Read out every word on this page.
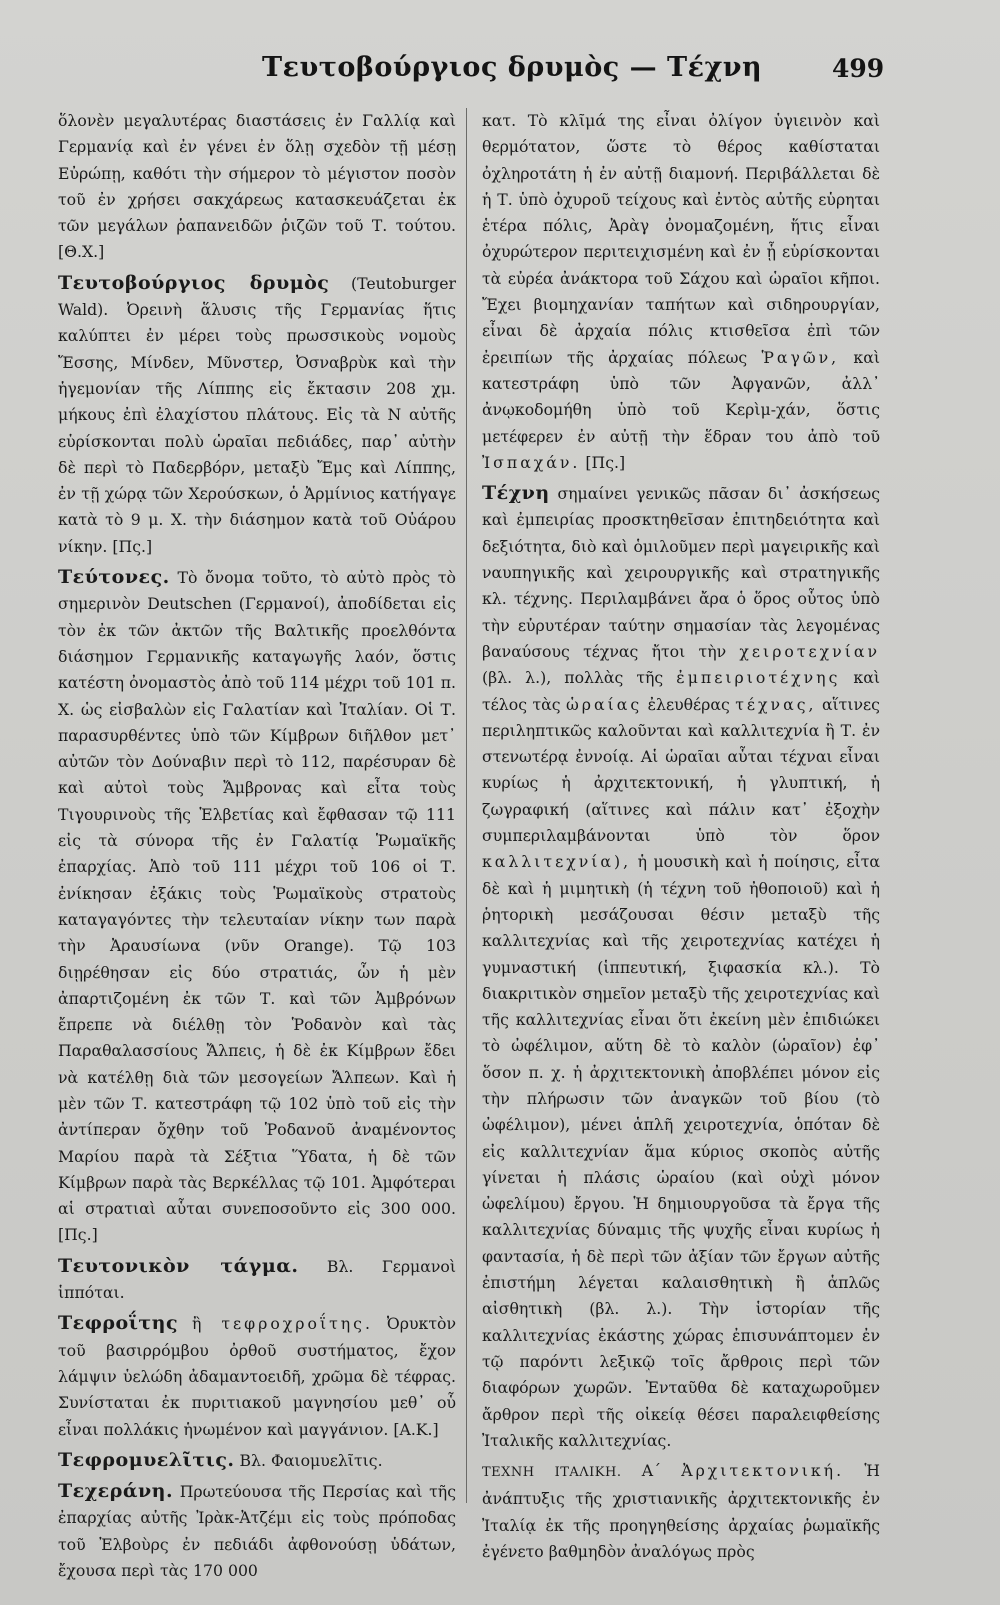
Τευτοβούργιος δρυμὸς — Τέχνη	499

ὅλονὲν μεγαλυτέρας διαστάσεις ἐν Γαλλίᾳ καὶ Γερμανίᾳ καὶ ἐν γένει ἐν ὅλῃ σχεδὸν τῇ μέσῃ Εὐρώπῃ, καθότι τὴν σήμερον τὸ μέγιστον ποσὸν τοῦ ἐν χρήσει σακχάρεως κατασκευάζεται ἐκ τῶν μεγάλων ῥαπανειδῶν ῥιζῶν τοῦ Τ. τούτου. [Θ.Χ.]

Τευτοβούργιος δρυμὸς (Teutoburger Wald). Ὀρεινὴ ἅλυσις τῆς Γερμανίας ἥτις καλύπτει ἐν μέρει τοὺς πρωσσικοὺς νομοὺς Ἔσσης, Μίνδεν, Μῦνστερ, Ὀσναβρὺκ καὶ τὴν ἡγεμονίαν τῆς Λίππης εἰς ἔκτασιν 208 χμ. μήκους ἐπὶ ἐλαχίστου πλάτους. Εἰς τὰ Ν αὐτῆς εὑρίσκονται πολὺ ὡραῖαι πεδιάδες, παρ᾽ αὐτὴν δὲ περὶ τὸ Παδερβόρν, μεταξὺ Ἔμς καὶ Λίππης, ἐν τῇ χώρᾳ τῶν Χερούσκων, ὁ Ἀρμίνιος κατήγαγε κατὰ τὸ 9 μ. Χ. τὴν διάσημον κατὰ τοῦ Οὐάρου νίκην. [Πς.]

Τεύτονες. Τὸ ὄνομα τοῦτο, τὸ αὐτὸ πρὸς τὸ σημερινὸν Deutschen (Γερμανοί), ἀποδίδεται εἰς τὸν ἐκ τῶν ἀκτῶν τῆς Βαλτικῆς προελθόντα διάσημον Γερμανικῆς καταγωγῆς λαόν, ὅστις κατέστη ὀνομαστὸς ἀπὸ τοῦ 114 μέχρι τοῦ 101 π. Χ. ὡς εἰσβαλὼν εἰς Γαλατίαν καὶ Ἰταλίαν. Οἱ Τ. παρασυρθέντες ὑπὸ τῶν Κίμβρων διῆλθον μετ᾽ αὐτῶν τὸν Δούναβιν περὶ τὸ 112, παρέσυραν δὲ καὶ αὐτοὶ τοὺς Ἄμβρονας καὶ εἶτα τοὺς Τιγουρινοὺς τῆς Ἑλβετίας καὶ ἔφθασαν τῷ 111 εἰς τὰ σύνορα τῆς ἐν Γαλατίᾳ Ῥωμαϊκῆς ἐπαρχίας. Ἀπὸ τοῦ 111 μέχρι τοῦ 106 οἱ Τ. ἐνίκησαν ἐξάκις τοὺς Ῥωμαϊκοὺς στρατοὺς καταγαγόντες τὴν τελευταίαν νίκην των παρὰ τὴν Ἀραυσίωνα (νῦν Orange). Τῷ 103 διῃρέθησαν εἰς δύο στρατιάς, ὧν ἡ μὲν ἀπαρτιζομένη ἐκ τῶν Τ. καὶ τῶν Ἀμβρόνων ἔπρεπε νὰ διέλθῃ τὸν Ῥοδανὸν καὶ τὰς Παραθαλασσίους Ἄλπεις, ἡ δὲ ἐκ Κίμβρων ἔδει νὰ κατέλθῃ διὰ τῶν μεσογείων Ἄλπεων. Καὶ ἡ μὲν τῶν Τ. κατεστράφη τῷ 102 ὑπὸ τοῦ εἰς τὴν ἀντίπεραν ὄχθην τοῦ Ῥοδανοῦ ἀναμένοντος Μαρίου παρὰ τὰ Σέξτια Ὕδατα, ἡ δὲ τῶν Κίμβρων παρὰ τὰς Βερκέλλας τῷ 101. Ἀμφότεραι αἱ στρατιαὶ αὗται συνεποσοῦντο εἰς 300 000. [Πς.]

Τευτονικὸν τάγμα. Βλ. Γερμανοὶ ἱππόται.

Τεφροΐτης ἢ τεφροχροΐτης. Ὀρυκτὸν τοῦ βασιρρόμβου ὀρθοῦ συστήματος, ἔχον λάμψιν ὑελώδη ἀδαμαντοειδῆ, χρῶμα δὲ τέφρας. Συνίσταται ἐκ πυριτιακοῦ μαγνησίου μεθ᾽ οὗ εἶναι πολλάκις ἡνωμένον καὶ μαγγάνιον. [Α.Κ.]

Τεφρομυελῖτις. Βλ. Φαιομυελῖτις.

Τεχεράνη. Πρωτεύουσα τῆς Περσίας καὶ τῆς ἐπαρχίας αὐτῆς Ἰρὰκ-Ἀτζέμι εἰς τοὺς πρόποδας τοῦ Ἐλβοὺρς ἐν πεδιάδι ἀφθονούσῃ ὑδάτων, ἔχουσα περὶ τὰς 170 000

κατ. Τὸ κλῖμά της εἶναι ὀλίγον ὑγιεινὸν καὶ θερμότατον, ὥστε τὸ θέρος καθίσταται ὀχληροτάτη ἡ ἐν αὐτῇ διαμονή. Περιβάλλεται δὲ ἡ Τ. ὑπὸ ὀχυροῦ τείχους καὶ ἐντὸς αὐτῆς εὑρηται ἑτέρα πόλις, Ἀρὰγ ὀνομαζομένη, ἥτις εἶναι ὀχυρώτερον περιτειχισμένη καὶ ἐν ᾗ εὑρίσκονται τὰ εὐρέα ἀνάκτορα τοῦ Σάχου καὶ ὡραῖοι κῆποι. Ἔχει βιομηχανίαν ταπήτων καὶ σιδηρουργίαν, εἶναι δὲ ἀρχαία πόλις κτισθεῖσα ἐπὶ τῶν ἐρειπίων τῆς ἀρχαίας πόλεως Ῥαγῶν, καὶ κατεστράφη ὑπὸ τῶν Ἀφγανῶν, ἀλλ᾽ ἀνῳκοδομήθη ὑπὸ τοῦ Κερὶμ-χάν, ὅστις μετέφερεν ἐν αὐτῇ τὴν ἕδραν του ἀπὸ τοῦ Ἰσπαχάν. [Πς.]

Τέχνη σημαίνει γενικῶς πᾶσαν δι᾽ ἀσκήσεως καὶ ἐμπειρίας προσκτηθεῖσαν ἐπιτηδειότητα καὶ δεξιότητα, διὸ καὶ ὁμιλοῦμεν περὶ μαγειρικῆς καὶ ναυπηγικῆς καὶ χειρουργικῆς καὶ στρατηγικῆς κλ. τέχνης. Περιλαμβάνει ἄρα ὁ ὅρος οὗτος ὑπὸ τὴν εὐρυτέραν ταύτην σημασίαν τὰς λεγομένας βαναύσους τέχνας ἤτοι τὴν χειροτεχνίαν (βλ. λ.), πολλὰς τῆς ἐμπειριοτέχνης καὶ τέλος τὰς ὡραίας ἐλευθέρας τέχνας, αἵτινες περιληπτικῶς καλοῦνται καὶ καλλιτεχνία ἢ Τ. ἐν στενωτέρᾳ ἐννοίᾳ. Αἱ ὡραῖαι αὗται τέχναι εἶναι κυρίως ἡ ἀρχιτεκτονική, ἡ γλυπτική, ἡ ζωγραφική (αἵτινες καὶ πάλιν κατ᾽ ἐξοχὴν συμπεριλαμβάνονται ὑπὸ τὸν ὅρον καλλιτεχνία), ἡ μουσικὴ καὶ ἡ ποίησις, εἶτα δὲ καὶ ἡ μιμητικὴ (ἡ τέχνη τοῦ ἠθοποιοῦ) καὶ ἡ ῥητορικὴ μεσάζουσαι θέσιν μεταξὺ τῆς καλλιτεχνίας καὶ τῆς χειροτεχνίας κατέχει ἡ γυμναστική (ἱππευτική, ξιφασκία κλ.). Τὸ διακριτικὸν σημεῖον μεταξὺ τῆς χειροτεχνίας καὶ τῆς καλλιτεχνίας εἶναι ὅτι ἐκείνη μὲν ἐπιδιώκει τὸ ὠφέλιμον, αὕτη δὲ τὸ καλὸν (ὡραῖον) ἐφ᾽ ὅσον π. χ. ἡ ἀρχιτεκτονικὴ ἀποβλέπει μόνον εἰς τὴν πλήρωσιν τῶν ἀναγκῶν τοῦ βίου (τὸ ὠφέλιμον), μένει ἁπλῆ χειροτεχνία, ὁπόταν δὲ εἰς καλλιτεχνίαν ἅμα κύριος σκοπὸς αὐτῆς γίνεται ἡ πλάσις ὡραίου (καὶ οὐχὶ μόνον ὠφελίμου) ἔργου. Ἡ δημιουργοῦσα τὰ ἔργα τῆς καλλιτεχνίας δύναμις τῆς ψυχῆς εἶναι κυρίως ἡ φαντασία, ἡ δὲ περὶ τῶν ἀξίαν τῶν ἔργων αὐτῆς ἐπιστήμη λέγεται καλαισθητικὴ ἢ ἁπλῶς αἰσθητικὴ (βλ. λ.). Τὴν ἱστορίαν τῆς καλλιτεχνίας ἑκάστης χώρας ἐπισυνάπτομεν ἐν τῷ παρόντι λεξικῷ τοῖς ἄρθροις περὶ τῶν διαφόρων χωρῶν. Ἐνταῦθα δὲ καταχωροῦμεν ἄρθρον περὶ τῆς οἰκείᾳ θέσει παραλειφθείσης Ἰταλικῆς καλλιτεχνίας.

ΤΕΧΝΗ ΙΤΑΛΙΚΗ. Α΄ Ἀρχιτεκτονική. Ἡ ἀνάπτυξις τῆς χριστιανικῆς ἀρχιτεκτονικῆς ἐν Ἰταλίᾳ ἐκ τῆς προηγηθείσης ἀρχαίας ῥωμαϊκῆς ἐγένετο βαθμηδὸν ἀναλόγως πρὸς
